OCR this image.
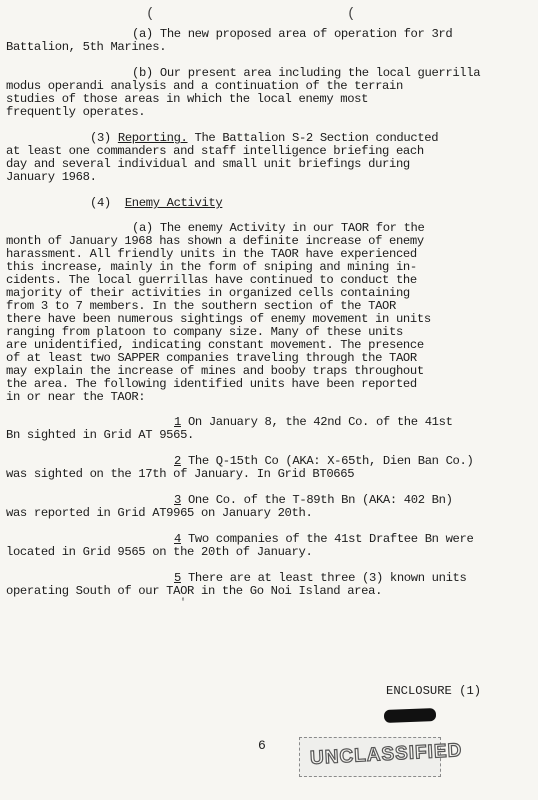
(	(
(a) The new proposed area of operation for 3rd
Battalion, 5th Marines.
(b) Our present area including the local guerrilla
modus operandi analysis and a continuation of the terrain
studies of those areas in which the local enemy most
frequently operates.
(3) Reporting. The Battalion S-2 Section conducted
at least one commanders and staff intelligence briefing each
day and several individual and small unit briefings during
January 1968.
(4) Enemy Activity
(a) The enemy Activity in our TAOR for the
month of January 1968 has shown a definite increase of enemy
harassment. All friendly units in the TAOR have experienced
this increase, mainly in the form of sniping and mining in-
cidents. The local guerrillas have continued to conduct the
majority of their activities in organized cells containing
from 3 to 7 members. In the southern section of the TAOR
there have been numerous sightings of enemy movement in units
ranging from platoon to company size. Many of these units
are unidentified, indicating constant movement. The presence
of at least two SAPPER companies traveling through the TAOR
may explain the increase of mines and booby traps throughout
the area. The following identified units have been reported
in or near the TAOR:
1 On January 8, the 42nd Co. of the 41st
Bn sighted in Grid AT 9565.
2 The Q-15th Co (AKA: X-65th, Dien Ban Co.)
was sighted on the 17th of January. In Grid BT0665
3 One Co. of the T-89th Bn (AKA: 402 Bn)
was reported in Grid AT9965 on January 20th.
4 Two companies of the 41st Draftee Bn were
located in Grid 9565 on the 20th of January.
5 There are at least three (3) known units
operating South of our TAOR in the Go Noi Island area.
'
ENCLOSURE (1)
6 UNCLASSIFIED
